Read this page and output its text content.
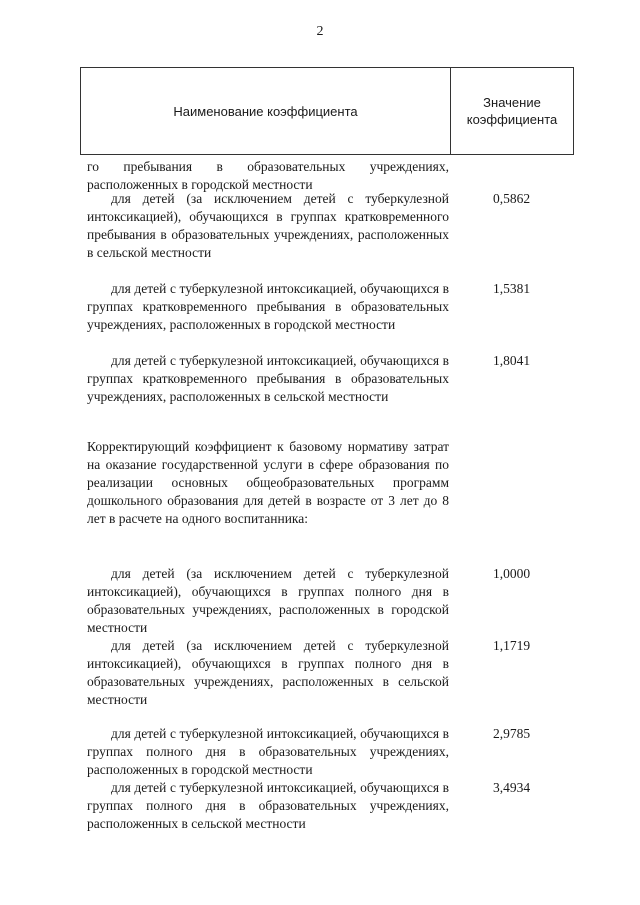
2
Наименование коэффициента
Значение
коэффициента
го пребывания в образовательных учреждениях, расположенных в городской местности
для детей (за исключением детей с туберкулезной интоксикацией), обучающихся в группах кратковременного пребывания в образовательных учреждениях, расположенных в сельской местности
0,5862
для детей с туберкулезной интоксикацией, обучающихся в группах кратковременного пребывания в образовательных учреждениях, расположенных в городской местности
1,5381
для детей с туберкулезной интоксикацией, обучающихся в группах кратковременного пребывания в образовательных учреждениях, расположенных в сельской местности
1,8041
Корректирующий коэффициент к базовому нормативу затрат на оказание государственной услуги в сфере образования по реализации основных общеобразовательных программ дошкольного образования для детей в возрасте от 3 лет до 8 лет в расчете на одного воспитанника:
для детей (за исключением детей с туберкулезной интоксикацией), обучающихся в группах полного дня в образовательных учреждениях, расположенных в городской местности
1,0000
для детей (за исключением детей с туберкулезной интоксикацией), обучающихся в группах полного дня в образовательных учреждениях, расположенных в сельской местности
1,1719
для детей с туберкулезной интоксикацией, обучающихся в группах полного дня в образовательных учреждениях, расположенных в городской местности
2,9785
для детей с туберкулезной интоксикацией, обучающихся в группах полного дня в образовательных учреждениях, расположенных в сельской местности
3,4934
